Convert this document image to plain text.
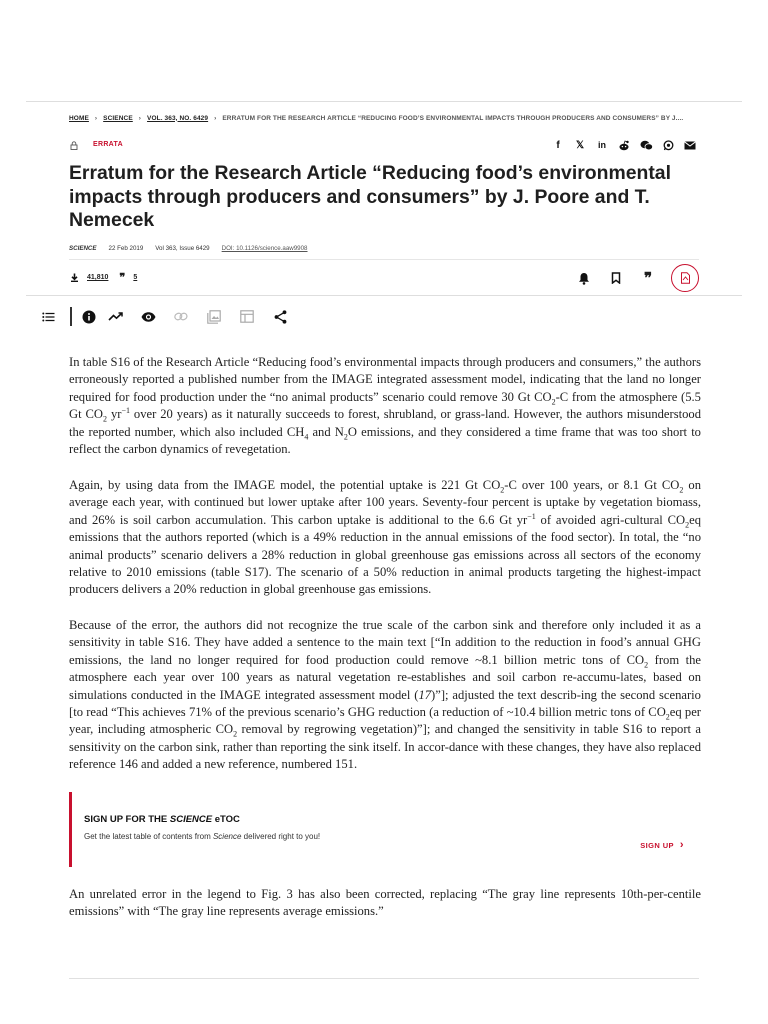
HOME › SCIENCE › VOL. 363, NO. 6429 › ERRATUM FOR THE RESEARCH ARTICLE “REDUCING FOOD’S ENVIRONMENTAL IMPACTS THROUGH PRODUCERS AND CONSUMERS” BY J....
ERRATA	f	𝕏	in
Erratum for the Research Article “Reducing food’s environmental impacts through producers and consumers” by J. Poore and T. Nemecek
SCIENCE 22 Feb 2019 Vol 363, Issue 6429 DOI: 10.1126/science.aaw9908
41,810 ❞ 5	❞

In table S16 of the Research Article “Reducing food’s environmental impacts through producers and consumers,” the authors erroneously reported a published number from the IMAGE integrated assessment model, indicating that the land no longer required for food production under the “no animal products” scenario could remove 30 Gt $CO_2-C$ from the atmosphere (5.5 Gt $CO_2$ $yr^{-1}$ over 20 years) as it naturally succeeds to forest, shrubland, or grass-land. However, the authors misunderstood the reported number, which also included $CH_4$ and $N_2O$ emissions, and they considered a time frame that was too short to reflect the carbon dynamics of revegetation.

Again, by using data from the IMAGE model, the potential uptake is 221 Gt $CO_2-C$ over 100 years, or 8.1 Gt $CO_2$ on average each year, with continued but lower uptake after 100 years. Seventy-four percent is uptake by vegetation biomass, and 26% is soil carbon accumulation. This carbon uptake is additional to the 6.6 Gt $yr^{-1}$ of avoided agri-cultural $CO_2eq$ emissions that the authors reported (which is a 49% reduction in the annual emissions of the food sector). In total, the “no animal products” scenario delivers a 28% reduction in global greenhouse gas emissions across all sectors of the economy relative to 2010 emissions (table S17). The scenario of a 50% reduction in animal products targeting the highest-impact producers delivers a 20% reduction in global greenhouse gas emissions.

Because of the error, the authors did not recognize the true scale of the carbon sink and therefore only included it as a sensitivity in table S16. They have added a sentence to the main text [“In addition to the reduction in food’s annual GHG emissions, the land no longer required for food production could remove ~8.1 billion metric tons of $CO_2$ from the atmosphere each year over 100 years as natural vegetation re-establishes and soil carbon re-accumu-lates, based on simulations conducted in the IMAGE integrated assessment model (17)”]; adjusted the text describ-ing the second scenario [to read “This achieves 71% of the previous scenario’s GHG reduction (a reduction of ~10.4 billion metric tons of $CO_2eq$ per year, including atmospheric $CO_2$ removal by regrowing vegetation)”]; and changed the sensitivity in table S16 to report a sensitivity on the carbon sink, rather than reporting the sink itself. In accor-dance with these changes, they have also replaced reference 146 and added a new reference, numbered 151.

SIGN UP FOR THE SCIENCE eTOC
Get the latest table of contents from Science delivered right to you!
SIGN UP ›

An unrelated error in the legend to Fig. 3 has also been corrected, replacing “The gray line represents 10th-per-centile emissions” with “The gray line represents average emissions.”
